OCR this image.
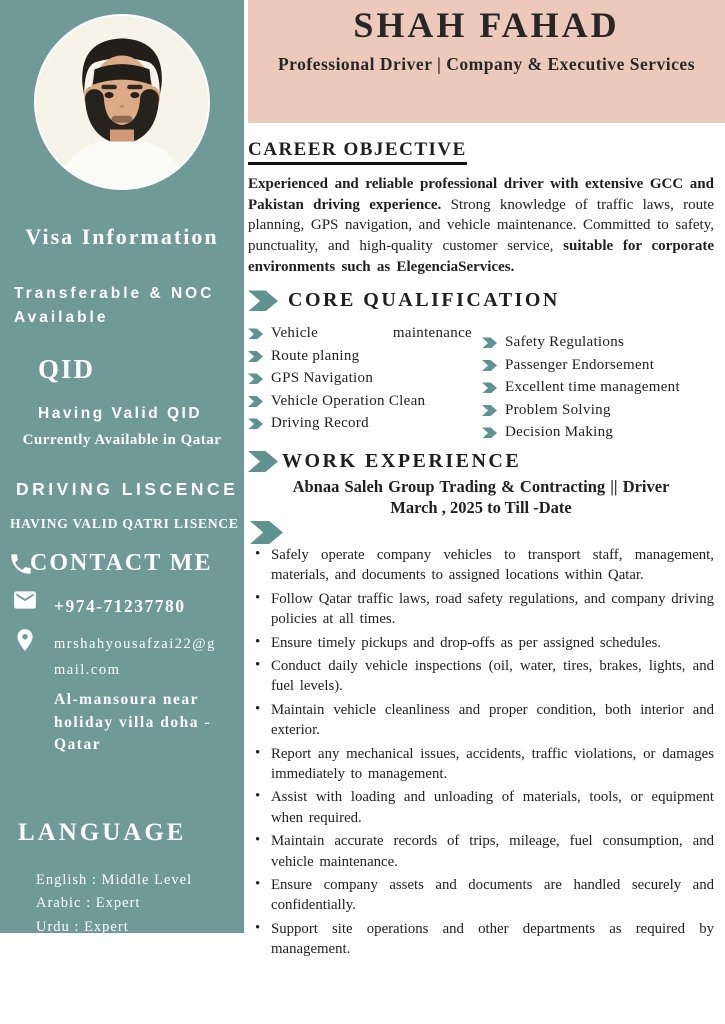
Visa Information
Transferable & NOC Available
QID
Having Valid QID
Currently Available in Qatar
DRIVING LISCENCE
HAVING VALID QATRI LISENCE
CONTACT ME
+974-71237780
mrshahyousafzai22@gmail.com
Al-mansoura near holiday villa doha -Qatar
LANGUAGE
English : Middle Level
Arabic : Expert
Urdu : Expert
Pashto : Expert
SHAH FAHAD
Professional Driver | Company & Executive Services
CAREER OBJECTIVE
Experienced and reliable professional driver with extensive GCC and Pakistan driving experience. Strong knowledge of traffic laws, route planning, GPS navigation, and vehicle maintenance. Committed to safety, punctuality, and high-quality customer service, suitable for corporate environments such as ElegenciaServices.
CORE QUALIFICATION
Vehicle maintenance
Route planing
GPS Navigation
Vehicle Operation Clean
Driving Record
Safety Regulations
Passenger Endorsement
Excellent time management
Problem Solving
Decision Making
WORK EXPERIENCE
Abnaa Saleh Group Trading & Contracting || Driver
March , 2025 to Till -Date
• Safely operate company vehicles to transport staff, management, materials, and documents to assigned locations within Qatar.
• Follow Qatar traffic laws, road safety regulations, and company driving policies at all times.
• Ensure timely pickups and drop-offs as per assigned schedules.
• Conduct daily vehicle inspections (oil, water, tires, brakes, lights, and fuel levels).
• Maintain vehicle cleanliness and proper condition, both interior and exterior.
• Report any mechanical issues, accidents, traffic violations, or damages immediately to management.
• Assist with loading and unloading of materials, tools, or equipment when required.
• Maintain accurate records of trips, mileage, fuel consumption, and vehicle maintenance.
• Ensure company assets and documents are handled securely and confidentially.
• Support site operations and other departments as required by management.
